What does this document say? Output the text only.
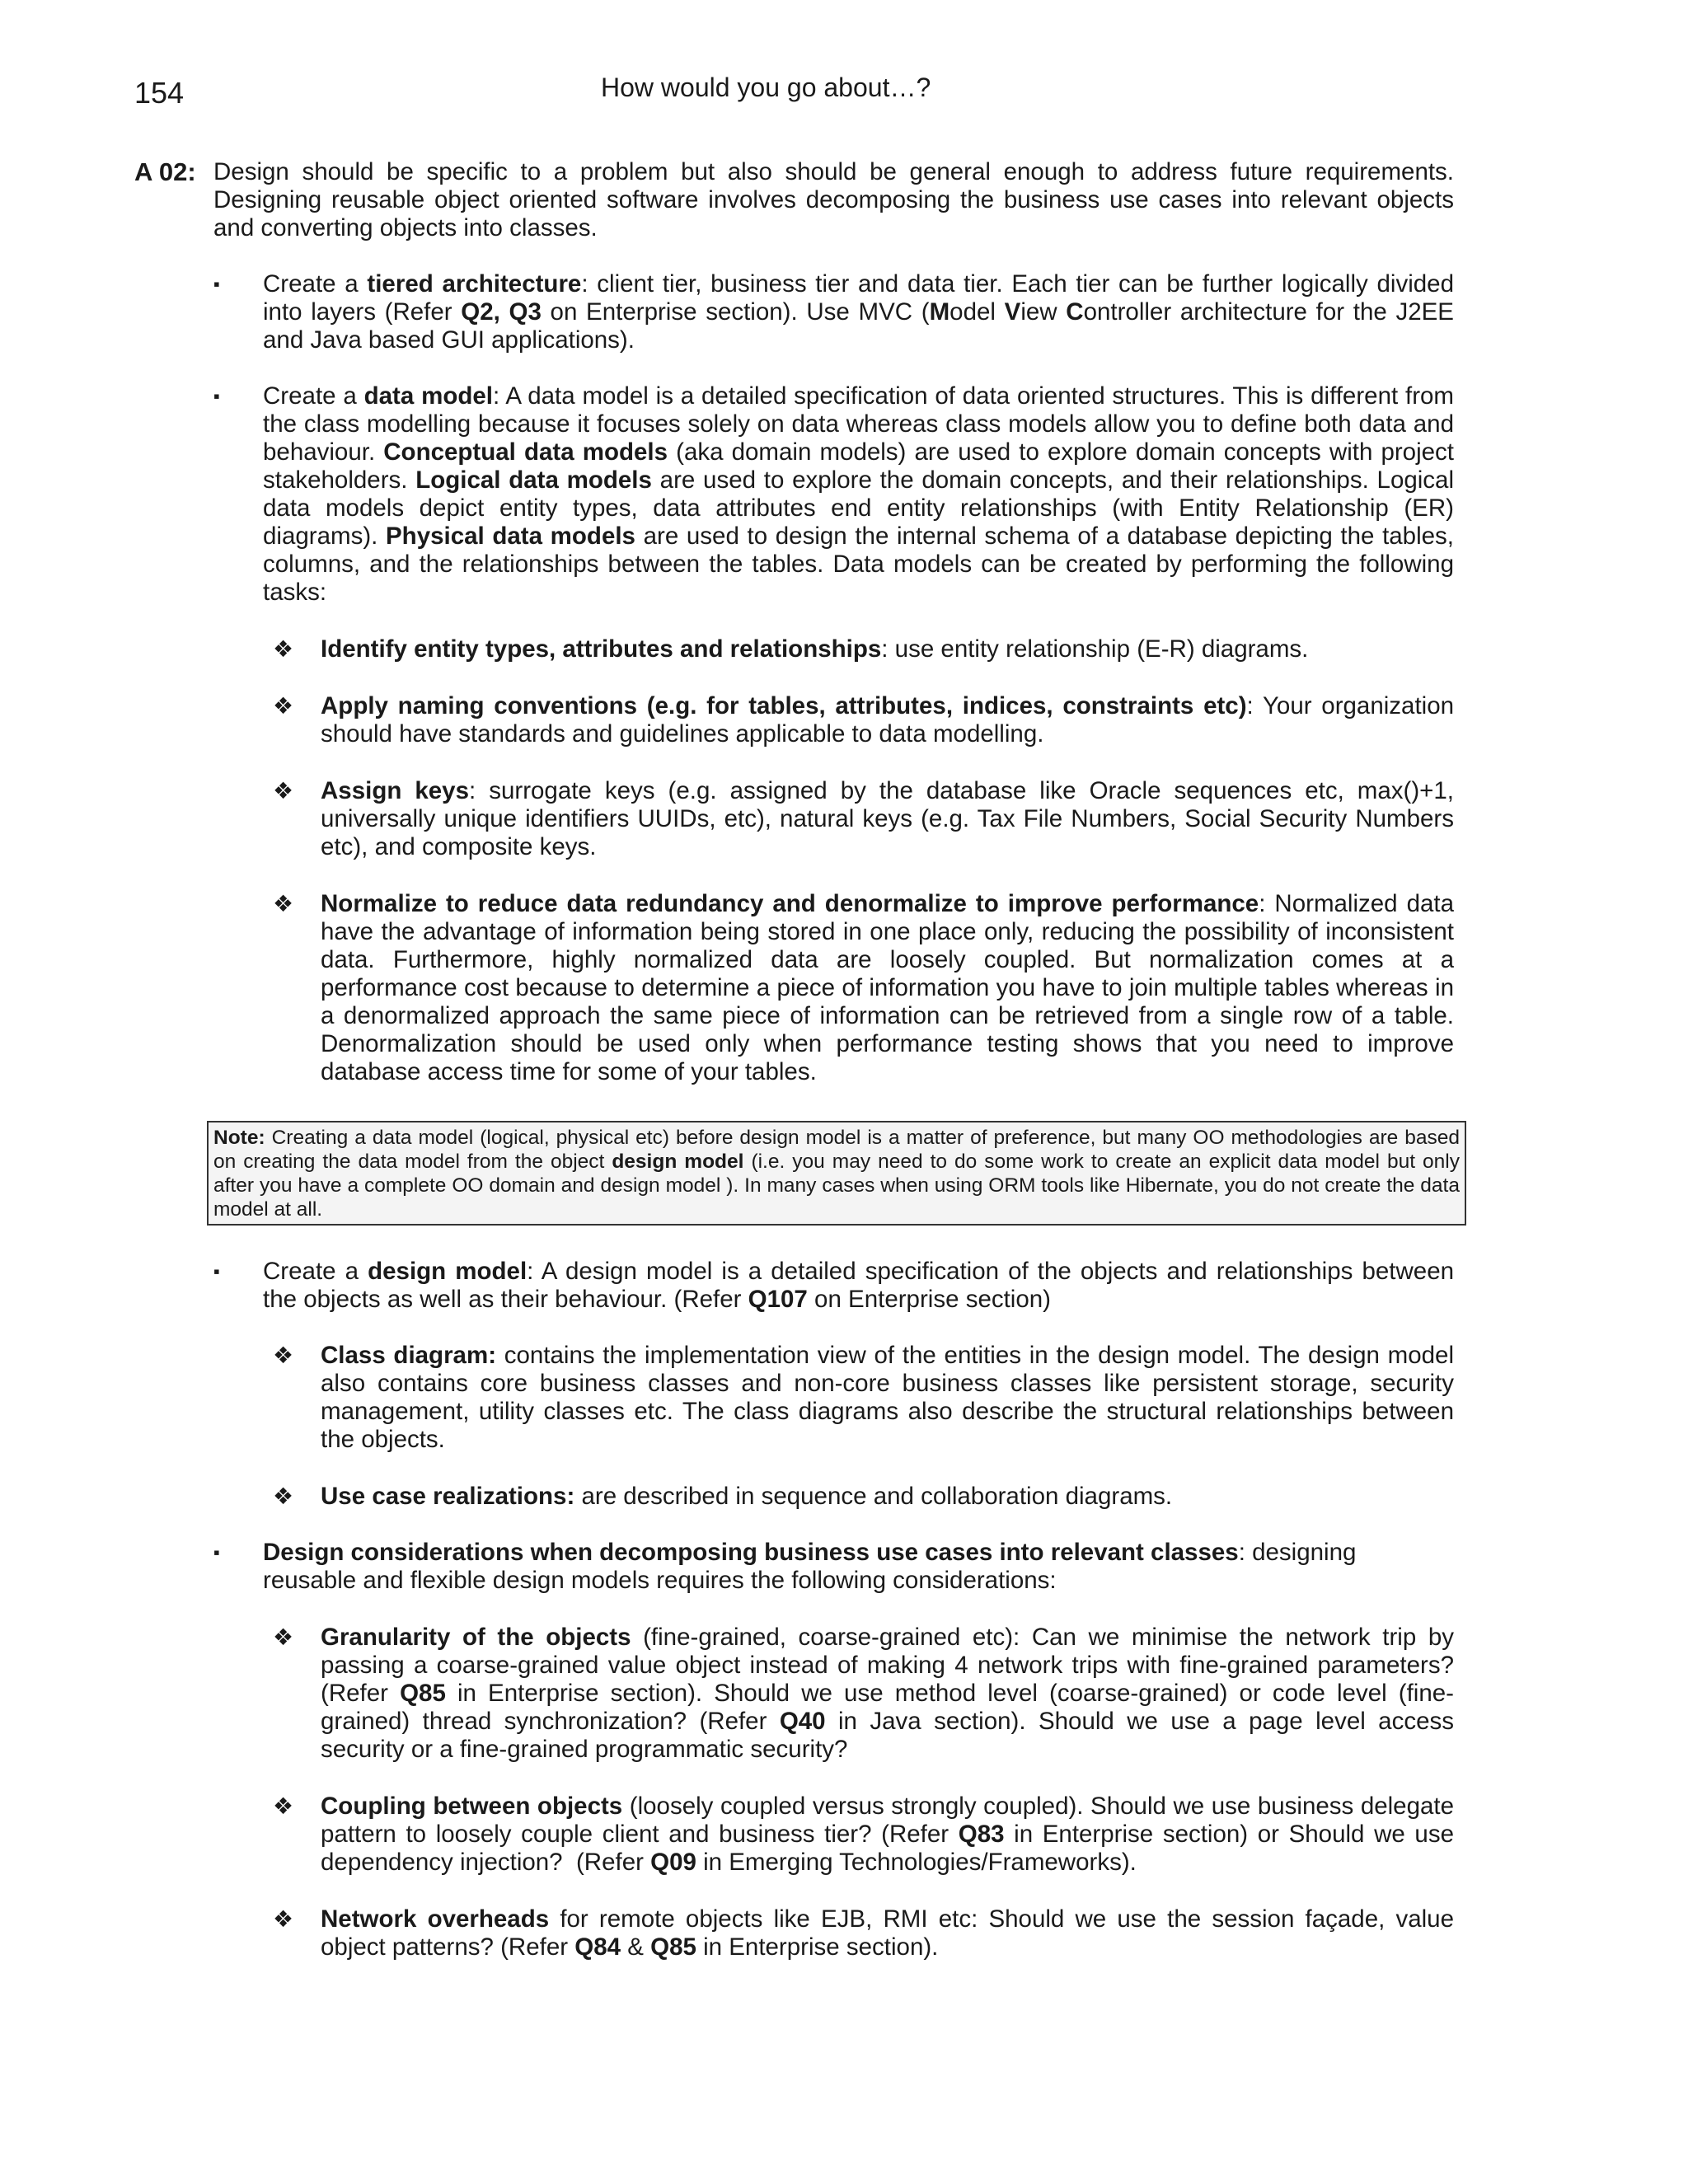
154	How would you go about…?
A 02: Design should be specific to a problem but also should be general enough to address future requirements. Designing reusable object oriented software involves decomposing the business use cases into relevant objects and converting objects into classes.
▪	Create a tiered architecture: client tier, business tier and data tier. Each tier can be further logically divided into layers (Refer Q2, Q3 on Enterprise section). Use MVC (Model View Controller architecture for the J2EE and Java based GUI applications).
▪	Create a data model: A data model is a detailed specification of data oriented structures. This is different from the class modelling because it focuses solely on data whereas class models allow you to define both data and behaviour. Conceptual data models (aka domain models) are used to explore domain concepts with project stakeholders. Logical data models are used to explore the domain concepts, and their relationships. Logical data models depict entity types, data attributes end entity relationships (with Entity Relationship (ER) diagrams). Physical data models are used to design the internal schema of a database depicting the tables, columns, and the relationships between the tables. Data models can be created by performing the following tasks:
❖ Identify entity types, attributes and relationships: use entity relationship (E-R) diagrams.
❖ Apply naming conventions (e.g. for tables, attributes, indices, constraints etc): Your organization should have standards and guidelines applicable to data modelling.
❖ Assign keys: surrogate keys (e.g. assigned by the database like Oracle sequences etc, max()+1, universally unique identifiers UUIDs, etc), natural keys (e.g. Tax File Numbers, Social Security Numbers etc), and composite keys.
❖ Normalize to reduce data redundancy and denormalize to improve performance: Normalized data have the advantage of information being stored in one place only, reducing the possibility of inconsistent data. Furthermore, highly normalized data are loosely coupled. But normalization comes at a performance cost because to determine a piece of information you have to join multiple tables whereas in a denormalized approach the same piece of information can be retrieved from a single row of a table. Denormalization should be used only when performance testing shows that you need to improve database access time for some of your tables.
Note: Creating a data model (logical, physical etc) before design model is a matter of preference, but many OO methodologies are based on creating the data model from the object design model (i.e. you may need to do some work to create an explicit data model but only after you have a complete OO domain and design model ). In many cases when using ORM tools like Hibernate, you do not create the data model at all.
▪	Create a design model: A design model is a detailed specification of the objects and relationships between the objects as well as their behaviour. (Refer Q107 on Enterprise section)
❖ Class diagram: contains the implementation view of the entities in the design model. The design model also contains core business classes and non-core business classes like persistent storage, security management, utility classes etc. The class diagrams also describe the structural relationships between the objects.
❖ Use case realizations: are described in sequence and collaboration diagrams.
▪	Design considerations when decomposing business use cases into relevant classes: designing reusable and flexible design models requires the following considerations:
❖ Granularity of the objects (fine-grained, coarse-grained etc): Can we minimise the network trip by passing a coarse-grained value object instead of making 4 network trips with fine-grained parameters? (Refer Q85 in Enterprise section). Should we use method level (coarse-grained) or code level (fine-grained) thread synchronization? (Refer Q40 in Java section). Should we use a page level access security or a fine-grained programmatic security?
❖ Coupling between objects (loosely coupled versus strongly coupled). Should we use business delegate pattern to loosely couple client and business tier? (Refer Q83 in Enterprise section) or Should we use dependency injection?  (Refer Q09 in Emerging Technologies/Frameworks).
❖ Network overheads for remote objects like EJB, RMI etc: Should we use the session façade, value object patterns? (Refer Q84 & Q85 in Enterprise section).
